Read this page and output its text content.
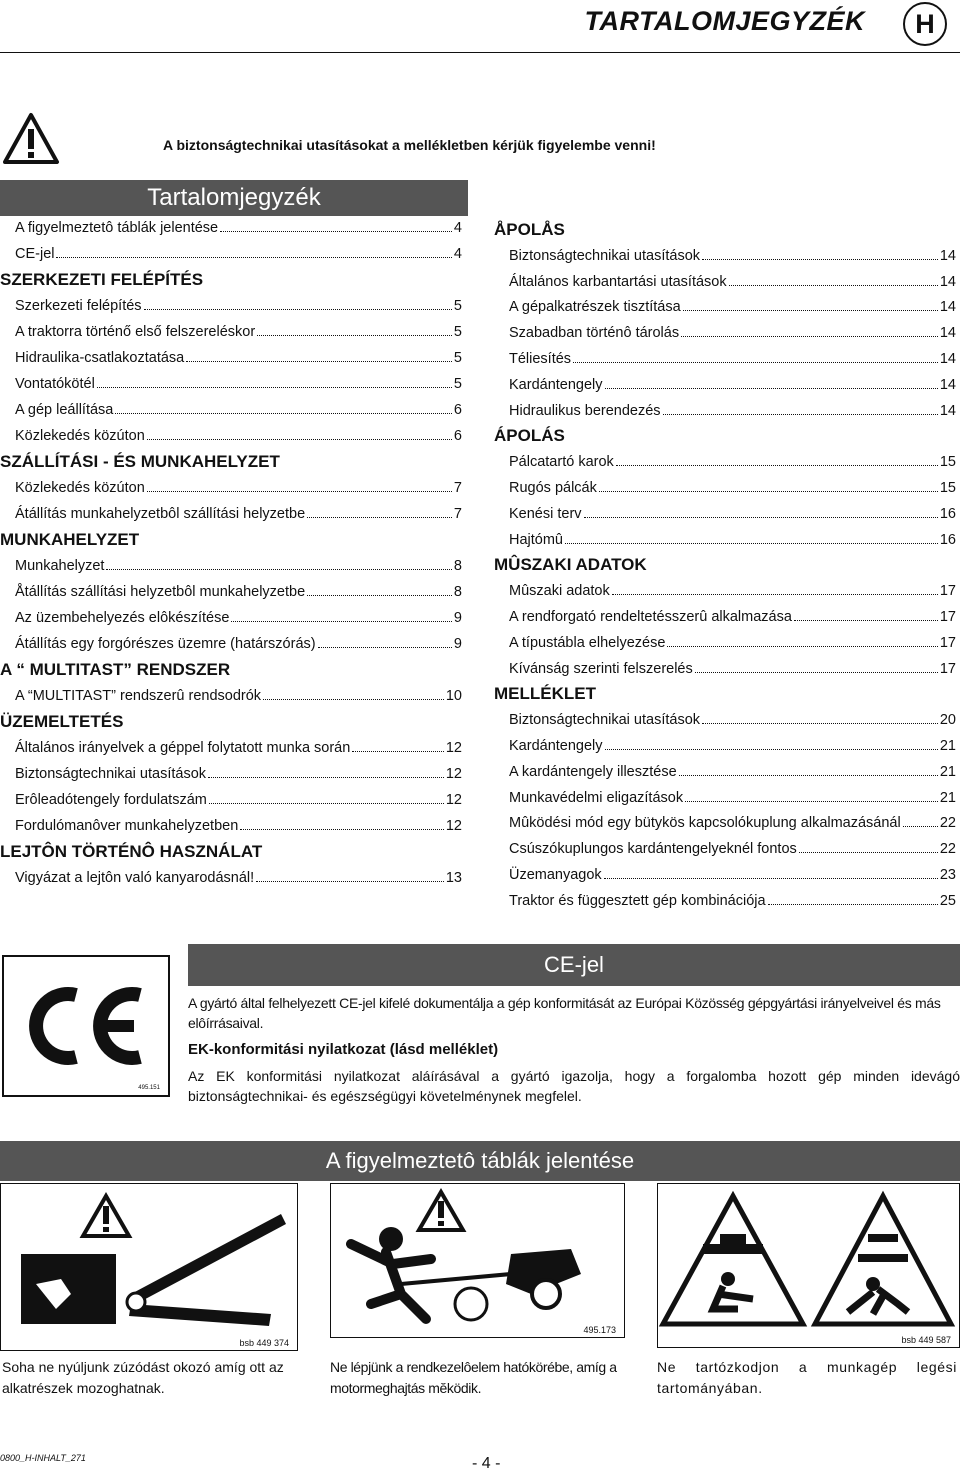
TARTALOMJEGYZÉK	H
A biztonságtechnikai utasításokat a mellékletben kérjük figyelembe venni!
Tartalomjegyzék
A figyelmeztetô táblák jelentése	4
CE-jel	4
SZERKEZETI FELÉPÍTÉS
Szerkezeti felépítés	5
A traktorra történő első felszereléskor	5
Hidraulika-csatlakoztatása	5
Vontatókötél	5
A gép leállítása	6
Közlekedés közúton	6
SZÁLLÍTÁSI - ÉS MUNKAHELYZET
Közlekedés közúton	7
Átállítás munkahelyzetbôl szállítási helyzetbe	7
MUNKAHELYZET
Munkahelyzet	8
Åtállítás szállítási helyzetbôl munkahelyzetbe	8
Az üzembehelyezés elôkészítése	9
Átállítás egy forgórészes üzemre (határszórás)	9
A “ MULTITAST” RENDSZER
A “MULTITAST” rendszerû rendsodrók	10
ÜZEMELTETÉS
Általános irányelvek a géppel folytatott munka során	12
Biztonságtechnikai utasítások	12
Erôleadótengely fordulatszám	12
Fordulómanôver munkahelyzetben	12
LEJTÔN TÖRTÉNÔ HASZNÁLAT
Vigyázat a lejtôn való kanyarodásnál!	13
ÅPOLÅS
Biztonságtechnikai utasítások	14
Általános karbantartási utasítások	14
A gépalkatrészek tisztítása	14
Szabadban történô tárolás	14
Téliesítés	14
Kardántengely	14
Hidraulikus berendezés	14
ÁPOLÁS
Pálcatartó karok	15
Rugós pálcák	15
Kenési terv	16
Hajtómû	16
MÛSZAKI ADATOK
Mûszaki adatok	17
A rendforgató rendeltetésszerû alkalmazása	17
A típustábla elhelyezése	17
Kívánság szerinti felszerelés	17
MELLÉKLET
Biztonságtechnikai utasítások	20
Kardántengely	21
A kardántengely illesztése	21
Munkavédelmi eligazítások	21
Mûködési mód egy bütykös kapcsolókuplung alkalmazásánál	22
Csúszókuplungos kardántengelyeknél fontos	22
Üzemanyagok	23
Traktor és függesztett gép kombinációja	25
495.151
CE-jel
A gyártó által felhelyezett CE-jel kifelé dokumentálja a gép konformitását az Európai Közösség gépgyártási irányelveivel és más elôírrásaival.
EK-konformitási nyilatkozat (lásd melléklet)
Az EK konformitási nyilatkozat aláírásával a gyártó igazolja, hogy a forgalomba hozott gép minden idevágó biztonságtechnikai- és egészségügyi követelménynek megfelel.
A figyelmeztetô táblák jelentése
bsb 449 374
495.173
bsb 449 587
Soha ne nyúljunk zúzódást okozó amíg ott az alkatrészek mozoghatnak.
Ne lépjünk a rendkezelôelem hatókörébe, amíg a motormeghajtás mĕködik.
Ne tartózkodjon a munkagép legési tartományában.
0800_H-INHALT_271	- 4 -
